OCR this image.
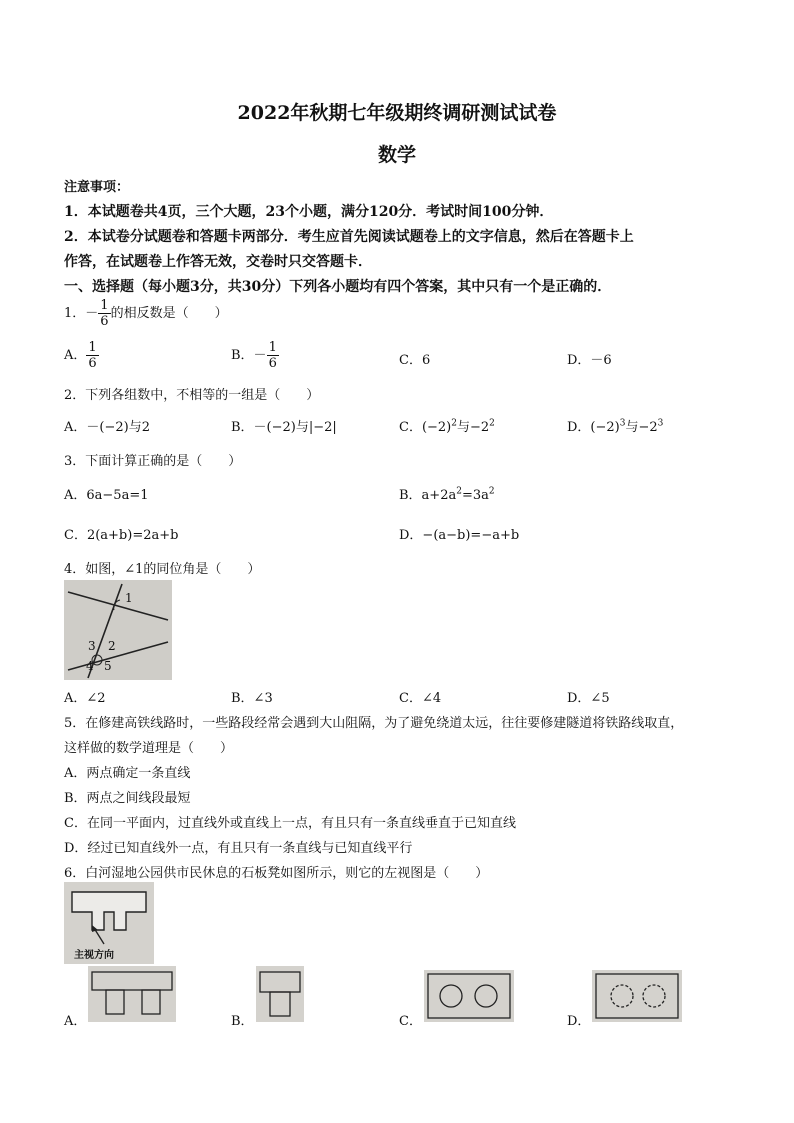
2022年秋期七年级期终调研测试试卷
数学
注意事项：
1．本试题卷共4页，三个大题，23个小题，满分120分．考试时间100分钟．
2．本试卷分试题卷和答题卡两部分．考生应首先阅读试题卷上的文字信息，然后在答题卡上
作答，在试题卷上作答无效，交卷时只交答题卡．
一、选择题（每小题3分，共30分）下列各小题均有四个答案，其中只有一个是正确的．
1．－ $\frac{1}{6}$ 的相反数是（　　）
A． $\frac{1}{6}$	B．－ $\frac{1}{6}$	C．6	D．－6
2．下列各组数中，不相等的一组是（　　）
A．－(−2)与2	B．－(−2)与|−2|	C．$(-2)^2$与$-2^2$	D．$(-2)^3$与$-2^3$
3．下面计算正确的是（　　）
A．6a−5a=1	B．$a+2a^2=3a^2$
C．2(a+b)=2a+b	D．−(a−b)=−a+b
4．如图，∠1的同位角是（　　）
1
2
3
4 5
A．∠2	B．∠3	C．∠4	D．∠5
5．在修建高铁线路时，一些路段经常会遇到大山阻隔，为了避免绕道太远，往往要修建隧道将铁路线取直，
这样做的数学道理是（　　）
A．两点确定一条直线
B．两点之间线段最短
C．在同一平面内，过直线外或直线上一点，有且只有一条直线垂直于已知直线
D．经过已知直线外一点，有且只有一条直线与已知直线平行
6．白河湿地公园供市民休息的石板凳如图所示，则它的左视图是（　　）
主视方向
A．	B．	C．	D．
